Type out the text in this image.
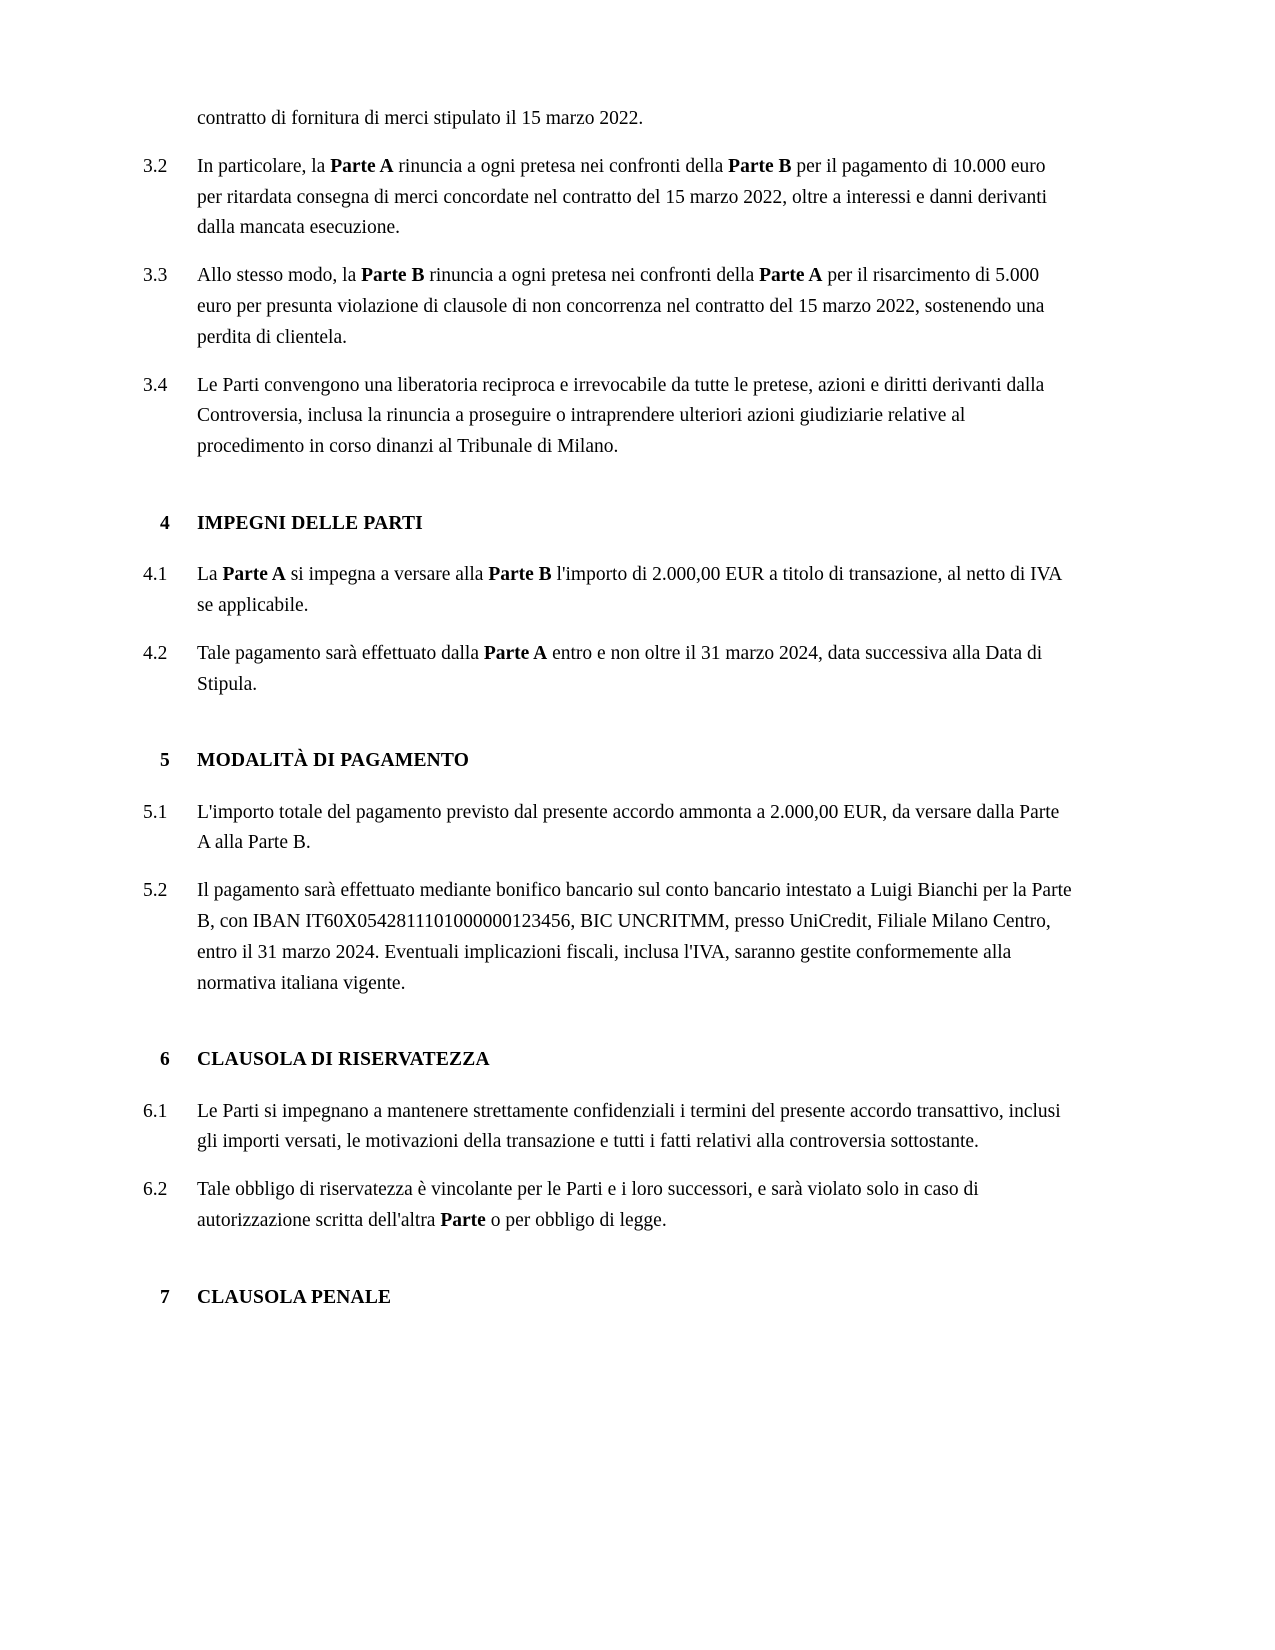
contratto di fornitura di merci stipulato il 15 marzo 2022.
3.2	In particolare, la Parte A rinuncia a ogni pretesa nei confronti della Parte B per il pagamento di 10.000 euro per ritardata consegna di merci concordate nel contratto del 15 marzo 2022, oltre a interessi e danni derivanti dalla mancata esecuzione.
3.3	Allo stesso modo, la Parte B rinuncia a ogni pretesa nei confronti della Parte A per il risarcimento di 5.000 euro per presunta violazione di clausole di non concorrenza nel contratto del 15 marzo 2022, sostenendo una perdita di clientela.
3.4	Le Parti convengono una liberatoria reciproca e irrevocabile da tutte le pretese, azioni e diritti derivanti dalla Controversia, inclusa la rinuncia a proseguire o intraprendere ulteriori azioni giudiziarie relative al procedimento in corso dinanzi al Tribunale di Milano.
4	IMPEGNI DELLE PARTI
4.1	La Parte A si impegna a versare alla Parte B l'importo di 2.000,00 EUR a titolo di transazione, al netto di IVA se applicabile.
4.2	Tale pagamento sarà effettuato dalla Parte A entro e non oltre il 31 marzo 2024, data successiva alla Data di Stipula.
5	MODALITÀ DI PAGAMENTO
5.1	L'importo totale del pagamento previsto dal presente accordo ammonta a 2.000,00 EUR, da versare dalla Parte A alla Parte B.
5.2	Il pagamento sarà effettuato mediante bonifico bancario sul conto bancario intestato a Luigi Bianchi per la Parte B, con IBAN IT60X0542811101000000123456, BIC UNCRITMM, presso UniCredit, Filiale Milano Centro, entro il 31 marzo 2024. Eventuali implicazioni fiscali, inclusa l'IVA, saranno gestite conformemente alla normativa italiana vigente.
6	CLAUSOLA DI RISERVATEZZA
6.1	Le Parti si impegnano a mantenere strettamente confidenziali i termini del presente accordo transattivo, inclusi gli importi versati, le motivazioni della transazione e tutti i fatti relativi alla controversia sottostante.
6.2	Tale obbligo di riservatezza è vincolante per le Parti e i loro successori, e sarà violato solo in caso di autorizzazione scritta dell'altra Parte o per obbligo di legge.
7	CLAUSOLA PENALE
